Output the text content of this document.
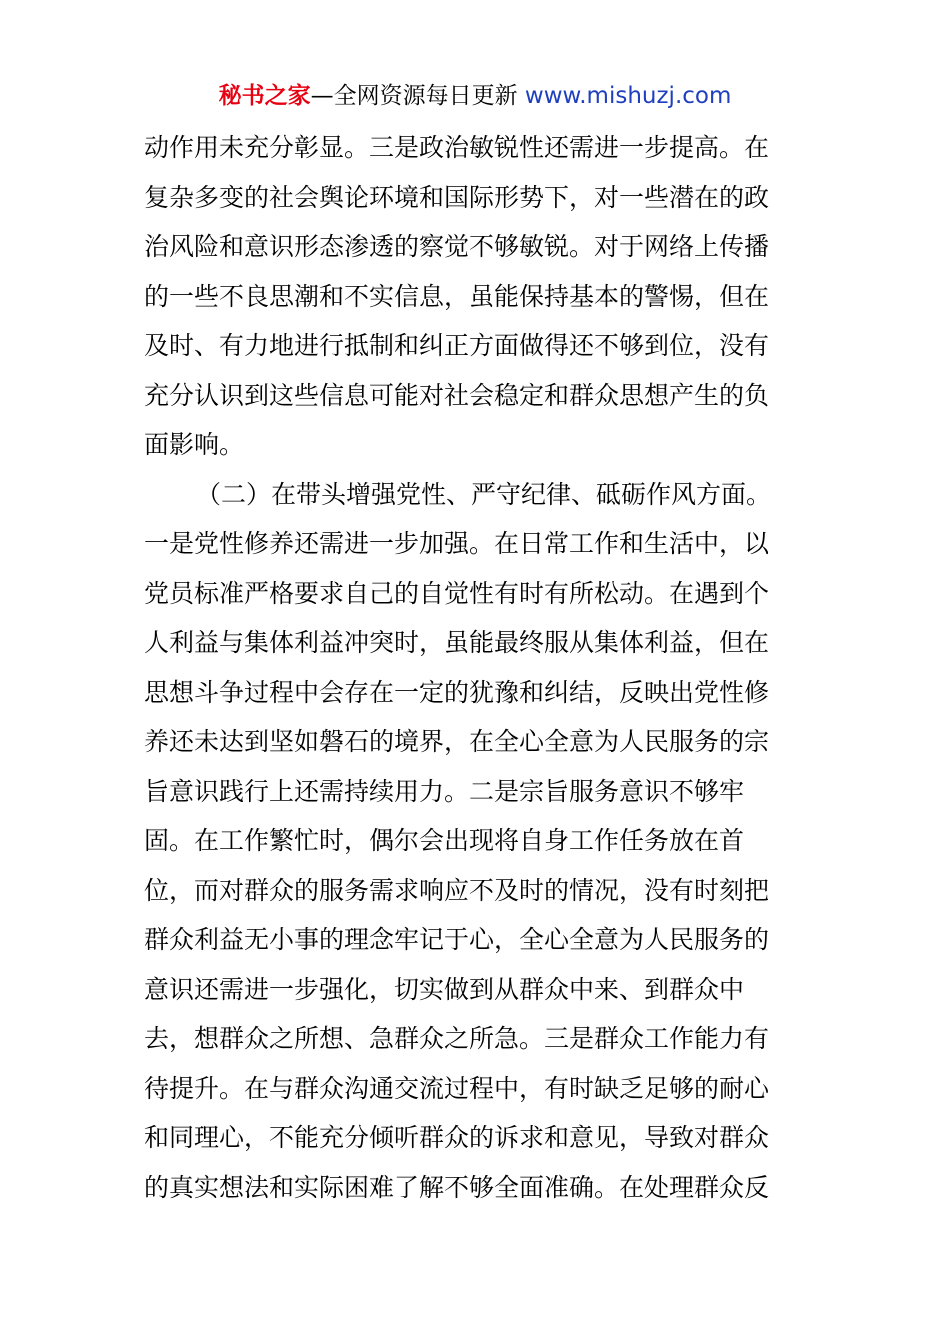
秘书之家—全网资源每日更新 www.mishuzj.com
动作用未充分彰显。三是政治敏锐性还需进一步提高。在
复杂多变的社会舆论环境和国际形势下，对一些潜在的政
治风险和意识形态渗透的察觉不够敏锐。对于网络上传播
的一些不良思潮和不实信息，虽能保持基本的警惕，但在
及时、有力地进行抵制和纠正方面做得还不够到位，没有
充分认识到这些信息可能对社会稳定和群众思想产生的负
面影响。
（二）在带头增强党性、严守纪律、砥砺作风方面。
一是党性修养还需进一步加强。在日常工作和生活中，以
党员标准严格要求自己的自觉性有时有所松动。在遇到个
人利益与集体利益冲突时，虽能最终服从集体利益，但在
思想斗争过程中会存在一定的犹豫和纠结，反映出党性修
养还未达到坚如磐石的境界，在全心全意为人民服务的宗
旨意识践行上还需持续用力。二是宗旨服务意识不够牢
固。在工作繁忙时，偶尔会出现将自身工作任务放在首
位，而对群众的服务需求响应不及时的情况，没有时刻把
群众利益无小事的理念牢记于心，全心全意为人民服务的
意识还需进一步强化，切实做到从群众中来、到群众中
去，想群众之所想、急群众之所急。三是群众工作能力有
待提升。在与群众沟通交流过程中，有时缺乏足够的耐心
和同理心，不能充分倾听群众的诉求和意见，导致对群众
的真实想法和实际困难了解不够全面准确。在处理群众反
